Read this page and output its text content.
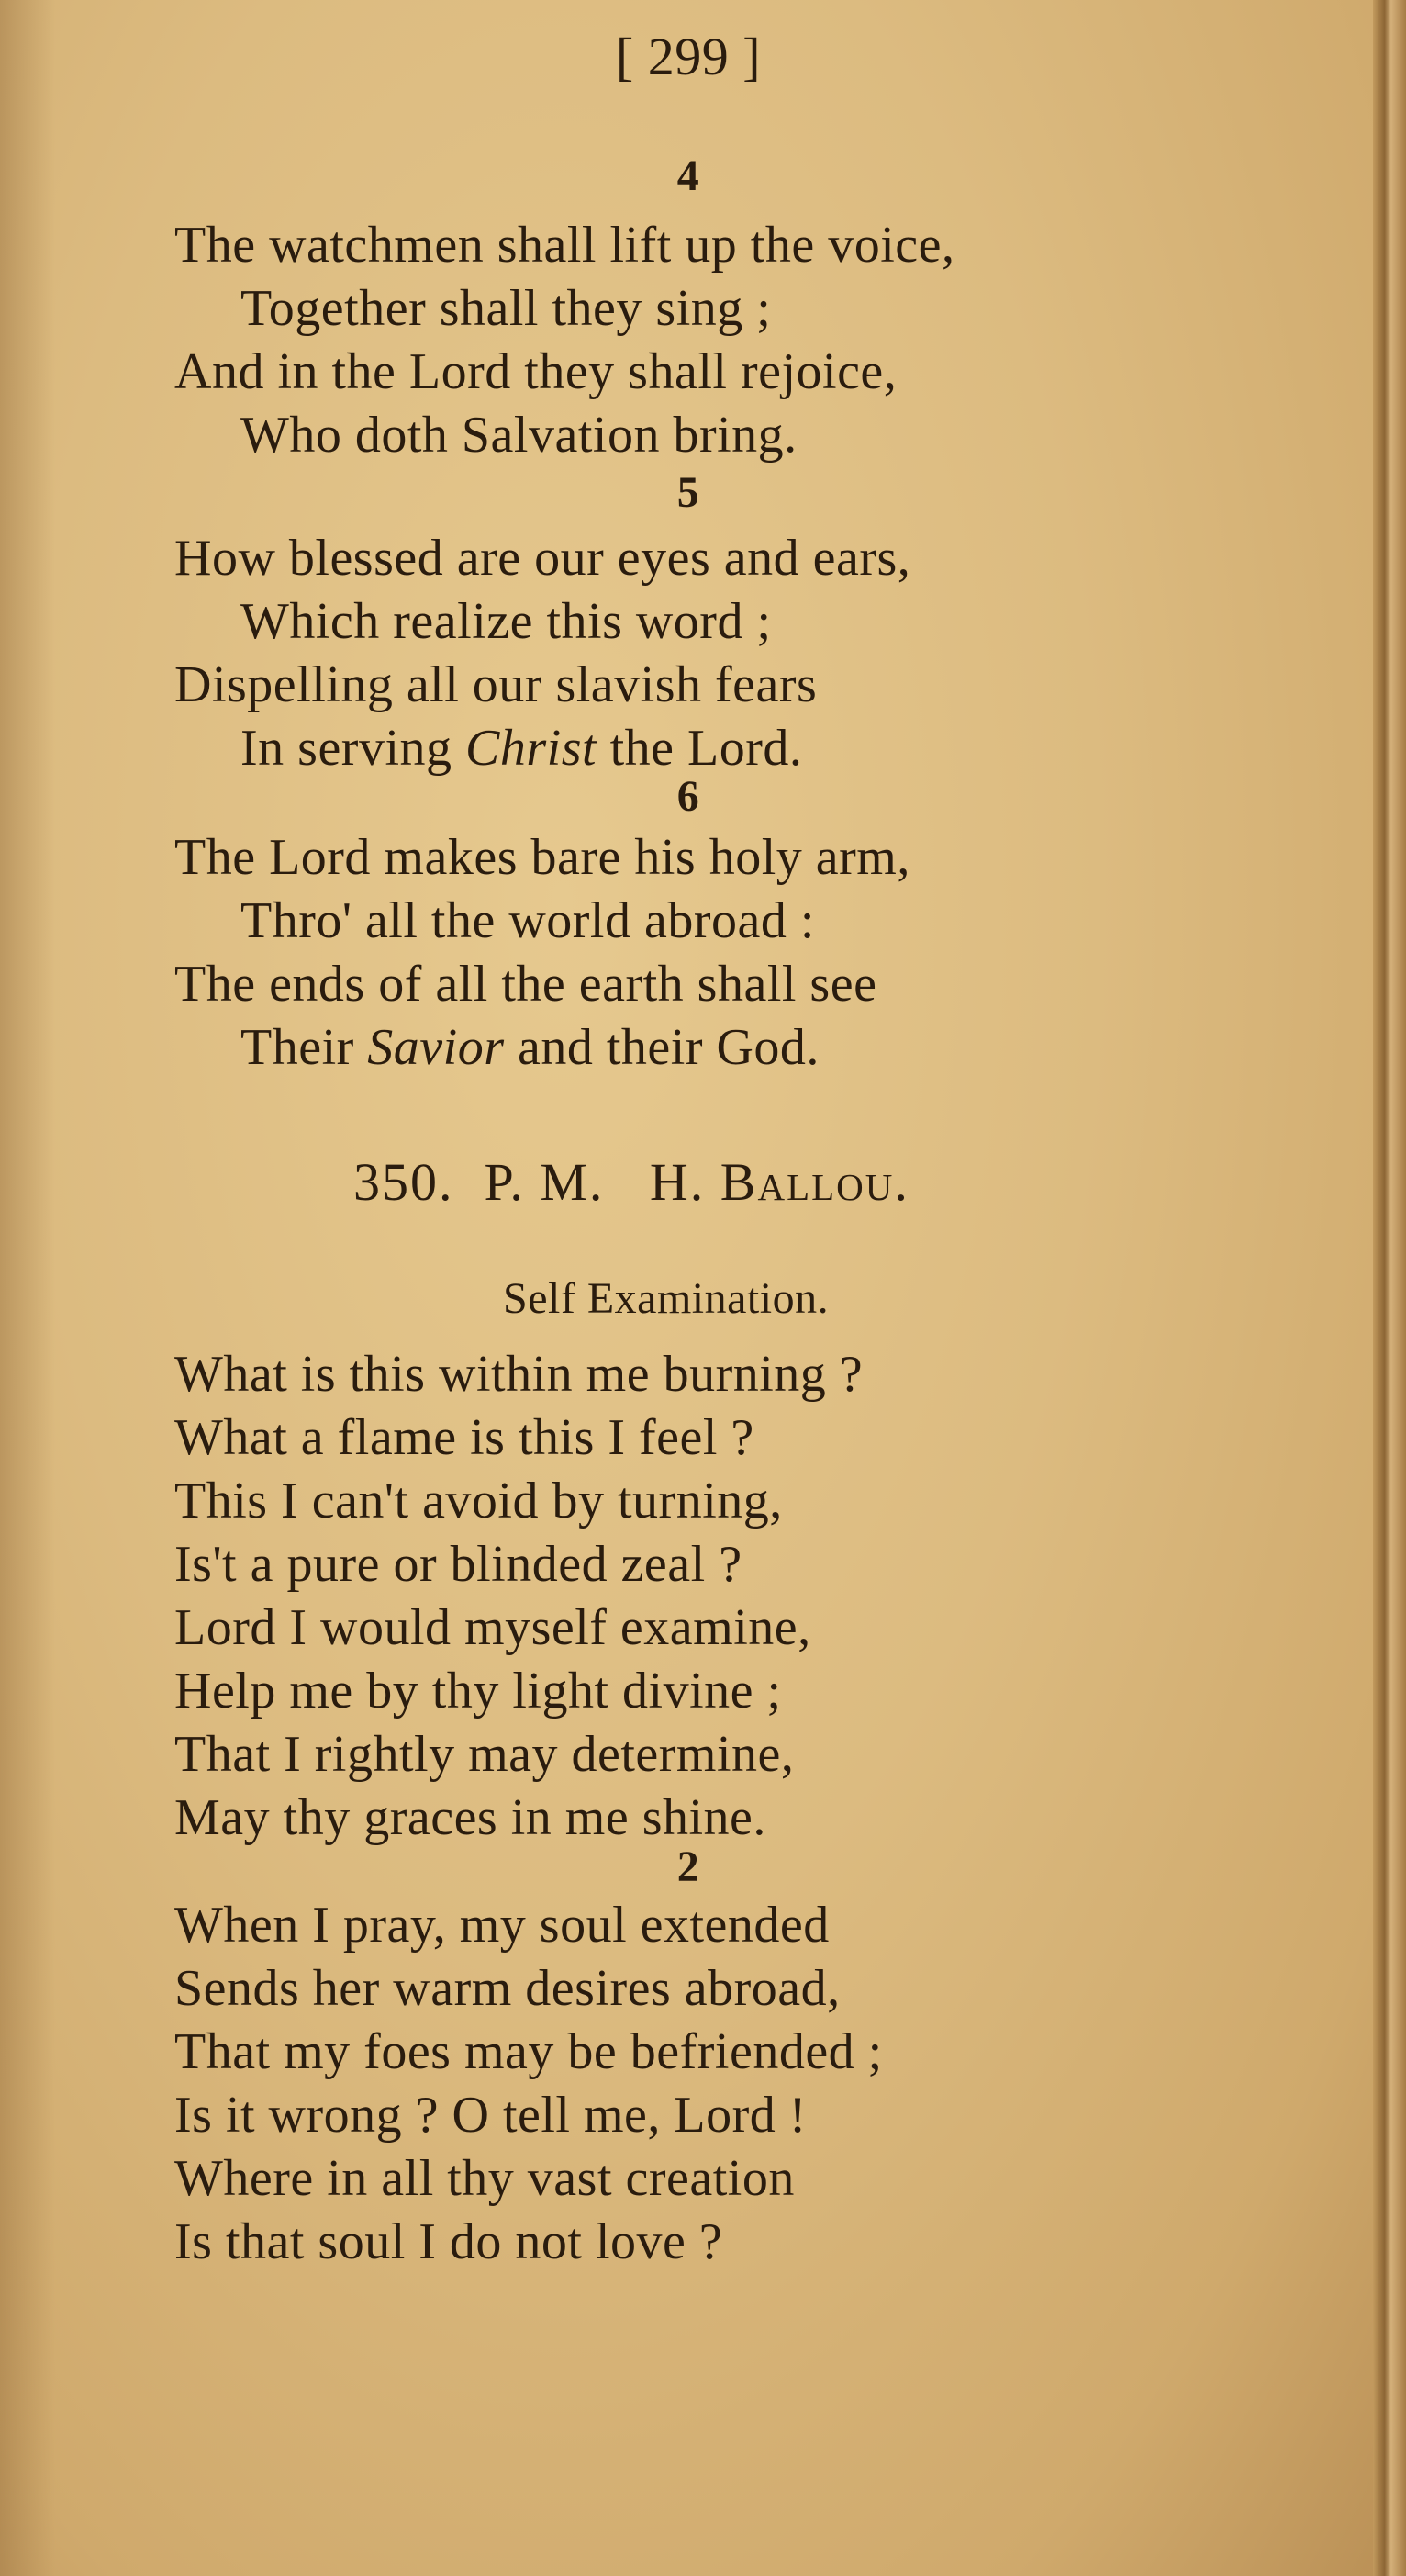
[ 299 ]
4
The watchmen shall lift up the voice,
Together shall they sing ;
And in the Lord they shall rejoice,
Who doth Salvation bring.
5
How blessed are our eyes and ears,
Which realize this word ;
Dispelling all our slavish fears
In serving Christ the Lord.
6
The Lord makes bare his holy arm,
Thro' all the world abroad :
The ends of all the earth shall see
Their Savior and their God.
350. P. M. H. Ballou.
Self Examination.
What is this within me burning ?
What a flame is this I feel ?
This I can't avoid by turning,
Is't a pure or blinded zeal ?
Lord I would myself examine,
Help me by thy light divine ;
That I rightly may determine,
May thy graces in me shine.
2
When I pray, my soul extended
Sends her warm desires abroad,
That my foes may be befriended ;
Is it wrong ? O tell me, Lord !
Where in all thy vast creation
Is that soul I do not love ?
